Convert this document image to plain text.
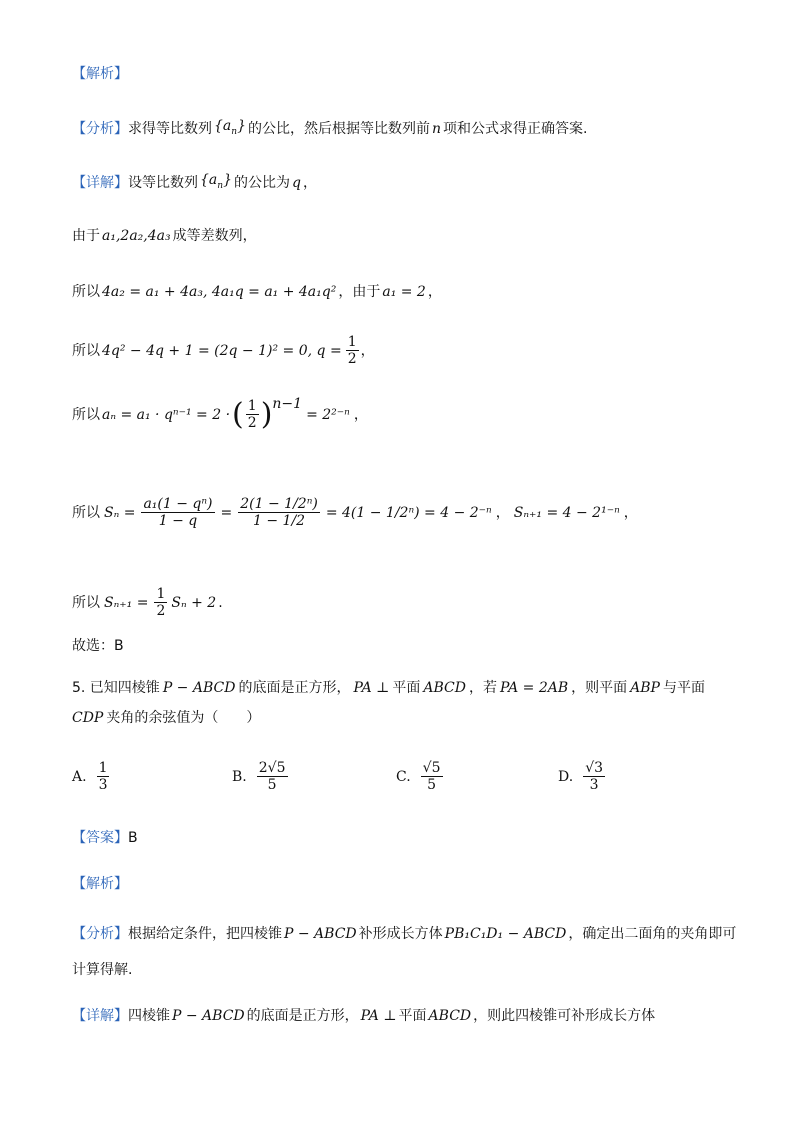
【解析】
【分析】 求得等比数列 $\{a_n\}$ 的公比，然后根据等比数列前 n 项和公式求得正确答案.
【详解】 设等比数列 $\{a_n\}$ 的公比为 q ，
由于 a₁,2a₂,4a₃ 成等差数列，
所以 4a₂ = a₁ + 4a₃, 4a₁q = a₁ + 4a₁q² ，由于 a₁ = 2 ，
所以 4q² − 4q + 1 = (2q − 1)² = 0, $q = \frac{1}{2}$ ，
所以 aₙ = a₁ · qⁿ⁻¹ = 2 · ( $\frac{1}{2}$ ) n−1
= 2²⁻ⁿ ，
所以 $S_n = \frac{\text{a₁(1 − qⁿ)}}{1 - q} = \frac{\text{2(1 − 1/2ⁿ)}}{1 - 1/2} = 4(1 - 1/2^n) = 4 - 2^{-n}$ ， Sₙ₊₁ = 4 − 2¹⁻ⁿ ，
所以 $S_{n+1} = \frac{1}{2}$ Sₙ + 2 .
故选：B
5. 已知四棱锥 P − ABCD 的底面是正方形， PA ⊥ 平面 ABCD ，若 PA = 2AB ，则平面 ABP 与平面
CDP 夹角的余弦值为（　　）
A. $\frac{1}{3}$	B. $\frac{2√5}{5}$	C. $\frac{√5}{5}$	D. $\frac{√3}{3}$
【答案】 B
【解析】
【分析】 根据给定条件，把四棱锥 P − ABCD 补形成长方体 PB₁C₁D₁ − ABCD ，确定出二面角的夹角即可
计算得解.
【详解】 四棱锥 P − ABCD 的底面是正方形， PA ⊥ 平面 ABCD ，则此四棱锥可补形成长方体
